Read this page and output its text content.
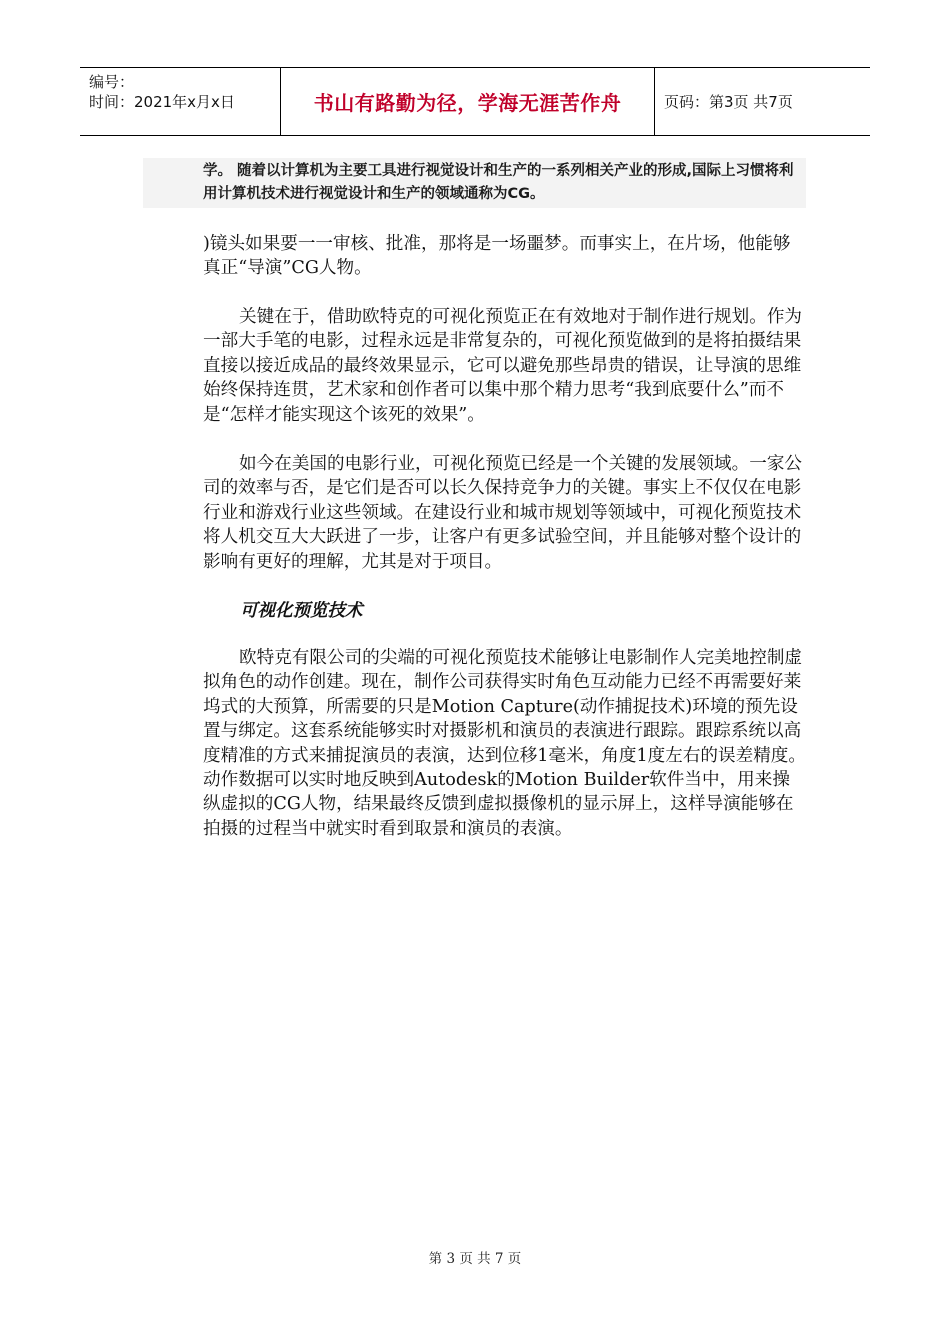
编号：
时间：2021年x月x日	书山有路勤为径，学海无涯苦作舟	页码：第3页 共7页
学。 随着以计算机为主要工具进行视觉设计和生产的一系列相关产业的形成,国际上习惯将利用计算机技术进行视觉设计和生产的领域通称为CG。

)镜头如果要一一审核、批准，那将是一场噩梦。而事实上，在片场，他能够真正“导演”CG人物。

关键在于，借助欧特克的可视化预览正在有效地对于制作进行规划。作为一部大手笔的电影，过程永远是非常复杂的，可视化预览做到的是将拍摄结果直接以接近成品的最终效果显示，它可以避免那些昂贵的错误，让导演的思维始终保持连贯，艺术家和创作者可以集中那个精力思考“我到底要什么”而不是“怎样才能实现这个该死的效果”。

如今在美国的电影行业，可视化预览已经是一个关键的发展领域。一家公司的效率与否，是它们是否可以长久保持竞争力的关键。事实上不仅仅在电影行业和游戏行业这些领域。在建设行业和城市规划等领域中，可视化预览技术将人机交互大大跃进了一步，让客户有更多试验空间，并且能够对整个设计的影响有更好的理解，尤其是对于项目。

可视化预览技术

欧特克有限公司的尖端的可视化预览技术能够让电影制作人完美地控制虚拟角色的动作创建。现在，制作公司获得实时角色互动能力已经不再需要好莱坞式的大预算，所需要的只是Motion Capture(动作捕捉技术)环境的预先设置与绑定。这套系统能够实时对摄影机和演员的表演进行跟踪。跟踪系统以高度精准的方式来捕捉演员的表演，达到位移1毫米，角度1度左右的误差精度。动作数据可以实时地反映到Autodesk的Motion Builder软件当中，用来操纵虚拟的CG人物，结果最终反馈到虚拟摄像机的显示屏上，这样导演能够在拍摄的过程当中就实时看到取景和演员的表演。

第 3 页 共 7 页
